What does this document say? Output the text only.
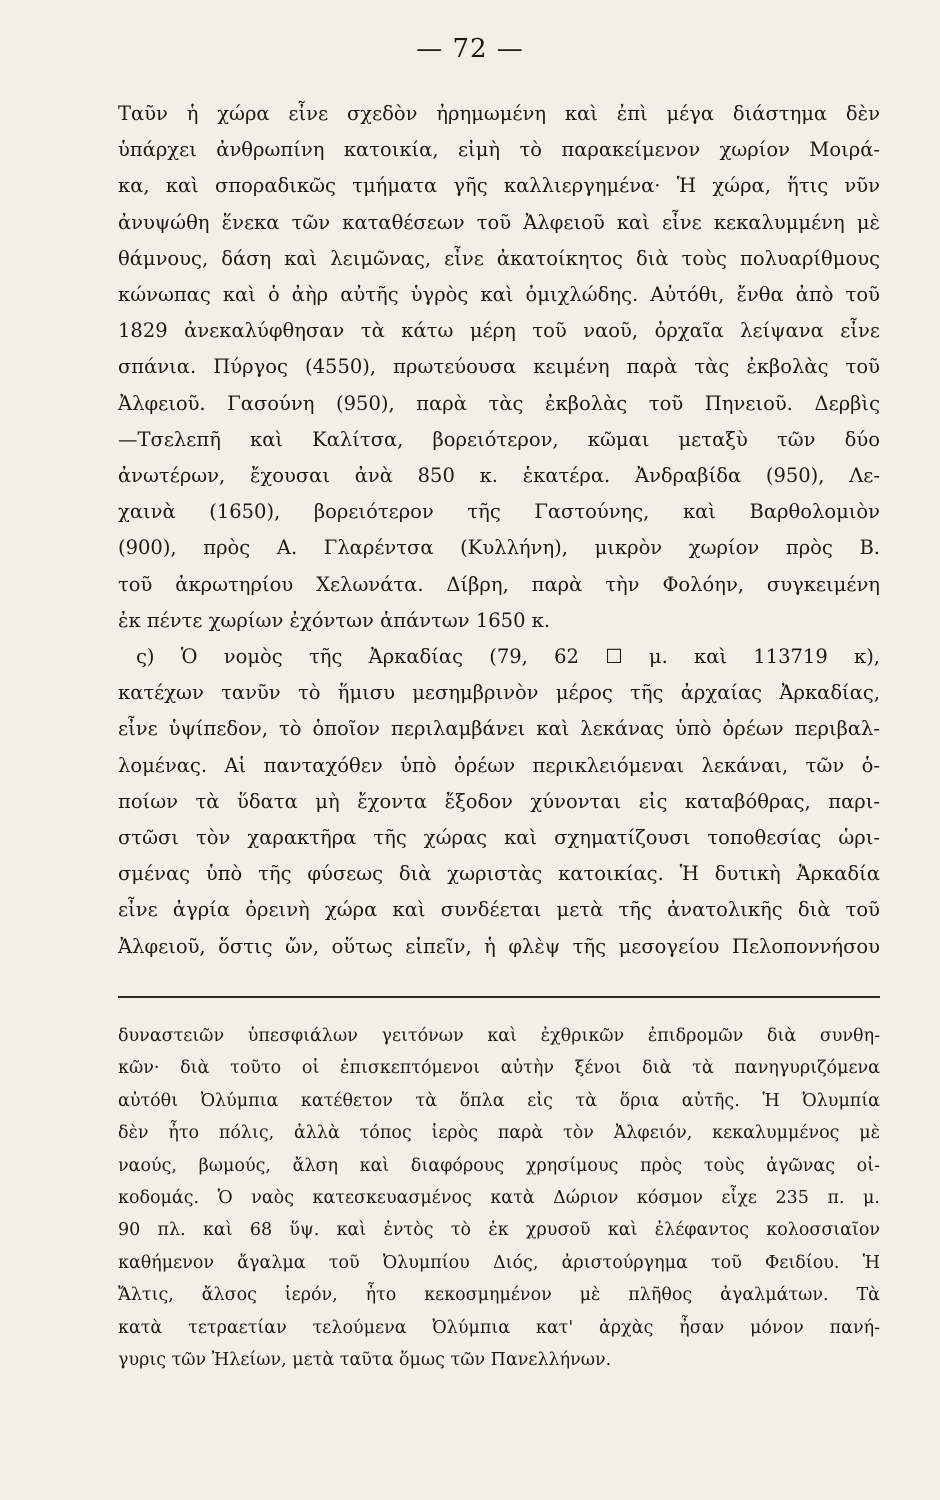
— 72 —
Ταῦν ἡ χώρα εἶνε σχεδὸν ἠρημωμένη καὶ ἐπὶ μέγα διάστημα δὲν
ὑπάρχει ἀνθρωπίνη κατοικία, εἰμὴ τὸ παρακείμενον χωρίον Μοιρά-
κα, καὶ σποραδικῶς τμήματα γῆς καλλιεργημένα· Ἡ χώρα, ἥτις νῦν
ἀνυψώθη ἕνεκα τῶν καταθέσεων τοῦ Ἀλφειοῦ καὶ εἶνε κεκαλυμμένη μὲ
θάμνους, δάση καὶ λειμῶνας, εἶνε ἀκατοίκητος διὰ τοὺς πολυαρίθμους
κώνωπας καὶ ὁ ἀὴρ αὐτῆς ὑγρὸς καὶ ὀμιχλώδης. Αὐτόθι, ἔνθα ἀπὸ τοῦ
1829 ἀνεκαλύφθησαν τὰ κάτω μέρη τοῦ ναοῦ, ὀρχαῖα λείψανα εἶνε
σπάνια. Πύργος (4550), πρωτεύουσα κειμένη παρὰ τὰς ἐκβολὰς τοῦ
Ἀλφειοῦ. Γασούνη (950), παρὰ τὰς ἐκβολὰς τοῦ Πηνειοῦ. Δερβὶς
—Τσελεπῆ καὶ Καλίτσα, βορειότερον, κῶμαι μεταξὺ τῶν δύο
ἀνωτέρων, ἔχουσαι ἀνὰ 850 κ. ἑκατέρα. Ἀνδραβίδα (950), Λε-
χαινὰ (1650), βορειότερον τῆς Γαστούνης, καὶ Βαρθολομιὸν
(900), πρὸς Α. Γλαρέντσα (Κυλλήνη), μικρὸν χωρίον πρὸς Β.
τοῦ ἀκρωτηρίου Χελωνάτα. Δίβρη, παρὰ τὴν Φολόην, συγκειμένη
ἐκ πέντε χωρίων ἐχόντων ἁπάντων 1650 κ.
ς) Ὁ νομὸς τῆς Ἀρκαδίας (79, 62 ☐ μ. καὶ 113719 κ),
κατέχων τανῦν τὸ ἥμισυ μεσημβρινὸν μέρος τῆς ἀρχαίας Ἀρκαδίας,
εἶνε ὑψίπεδον, τὸ ὁποῖον περιλαμβάνει καὶ λεκάνας ὑπὸ ὀρέων περιβαλ-
λομένας. Αἱ πανταχόθεν ὑπὸ ὀρέων περικλειόμεναι λεκάναι, τῶν ὁ-
ποίων τὰ ὕδατα μὴ ἔχοντα ἔξοδον χύνονται εἰς καταβόθρας, παρι-
στῶσι τὸν χαρακτῆρα τῆς χώρας καὶ σχηματίζουσι τοποθεσίας ὡρι-
σμένας ὑπὸ τῆς φύσεως διὰ χωριστὰς κατοικίας. Ἡ δυτικὴ Ἀρκαδία
εἶνε ἀγρία ὀρεινὴ χώρα καὶ συνδέεται μετὰ τῆς ἀνατολικῆς διὰ τοῦ
Ἀλφειοῦ, ὅστις ὤν, οὕτως εἰπεῖν, ἡ φλὲψ τῆς μεσογείου Πελοποννήσου
δυναστειῶν ὑπεσφιάλων γειτόνων καὶ ἐχθρικῶν ἐπιδρομῶν διὰ συνθη-
κῶν· διὰ τοῦτο οἱ ἐπισκεπτόμενοι αὐτὴν ξένοι διὰ τὰ πανηγυριζόμενα
αὐτόθι Ὀλύμπια κατέθετον τὰ ὅπλα εἰς τὰ ὅρια αὐτῆς. Ἡ Ὀλυμπία
δὲν ἦτο πόλις, ἀλλὰ τόπος ἱερὸς παρὰ τὸν Ἀλφειόν, κεκαλυμμένος μὲ
ναούς, βωμούς, ἄλση καὶ διαφόρους χρησίμους πρὸς τοὺς ἀγῶνας οἰ-
κοδομάς. Ὁ ναὸς κατεσκευασμένος κατὰ Δώριον κόσμον εἶχε 235 π. μ.
90 πλ. καὶ 68 ὕψ. καὶ ἐντὸς τὸ ἐκ χρυσοῦ καὶ ἐλέφαντος κολοσσιαῖον
καθήμενον ἄγαλμα τοῦ Ὀλυμπίου Διός, ἀριστούργημα τοῦ Φειδίου. Ἡ
Ἄλτις, ἄλσος ἱερόν, ἦτο κεκοσμημένον μὲ πλῆθος ἀγαλμάτων. Τὰ
κατὰ τετραετίαν τελούμενα Ὀλύμπια κατ' ἀρχὰς ἦσαν μόνον πανή-
γυρις τῶν Ἠλείων, μετὰ ταῦτα ὅμως τῶν Πανελλήνων.
